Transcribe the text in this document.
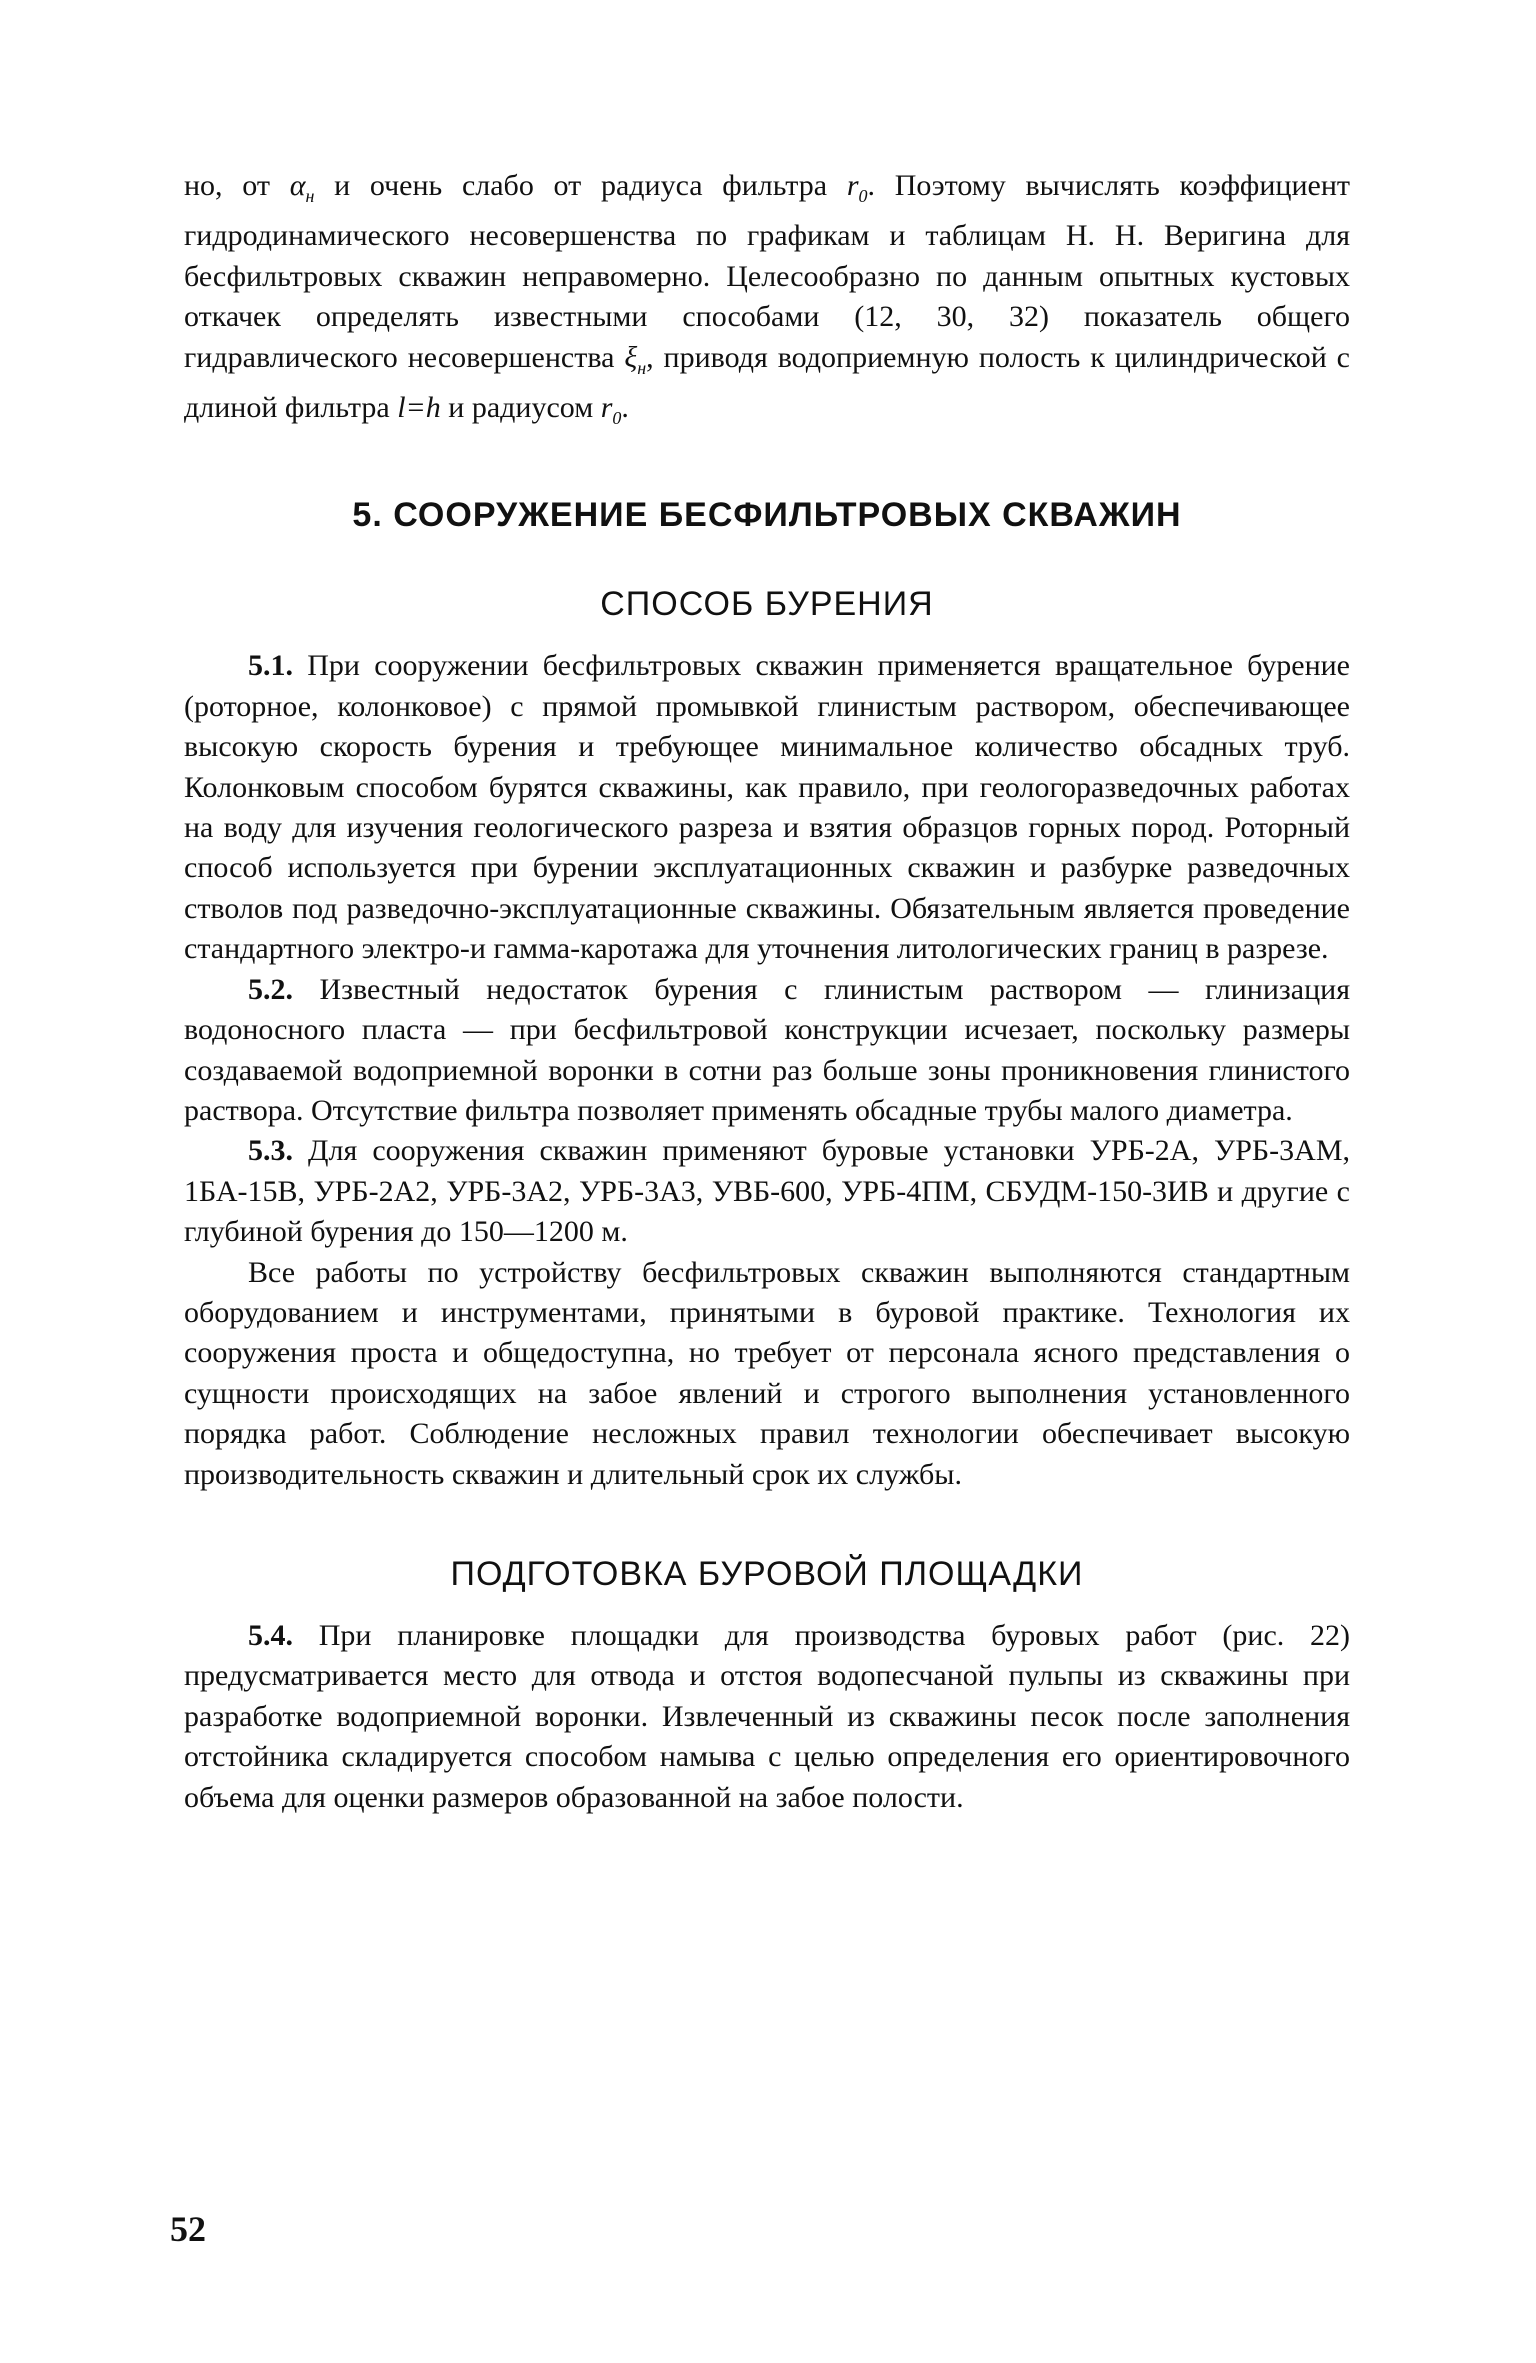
но, от $\alpha_н$ и очень слабо от радиуса фильтра $r_0$. Поэтому вычислять коэффициент гидродинамического несовершенства по графикам и таблицам Н. Н. Веригина для бесфильтровых скважин неправомерно. Целесообразно по данным опытных кустовых откачек определять известными способами (12, 30, 32) показатель общего гидравлического несовершенства $\xi_н$, приводя водоприемную полость к цилиндрической с длиной фильтра l=h и радиусом $r_0$.

5. СООРУЖЕНИЕ БЕСФИЛЬТРОВЫХ СКВАЖИН
СПОСОБ БУРЕНИЯ

5.1. При сооружении бесфильтровых скважин применяется вращательное бурение (роторное, колонковое) с прямой промывкой глинистым раствором, обеспечивающее высокую скорость бурения и требующее минимальное количество обсадных труб. Колонковым способом бурятся скважины, как правило, при геологоразведочных работах на воду для изучения геологического разреза и взятия образцов горных пород. Роторный способ используется при бурении эксплуатационных скважин и разбурке разведочных стволов под разведочно-эксплуатационные скважины. Обязательным является проведение стандартного электро-и гамма-каротажа для уточнения литологических границ в разрезе.

5.2. Известный недостаток бурения с глинистым раствором — глинизация водоносного пласта — при бесфильтровой конструкции исчезает, поскольку размеры создаваемой водоприемной воронки в сотни раз больше зоны проникновения глинистого раствора. Отсутствие фильтра позволяет применять обсадные трубы малого диаметра.

5.3. Для сооружения скважин применяют буровые установки УРБ-2А, УРБ-3АМ, 1БА-15В, УРБ-2А2, УРБ-3А2, УРБ-3А3, УВБ-600, УРБ-4ПМ, СБУДМ-150-3ИВ и другие с глубиной бурения до 150—1200 м.

Все работы по устройству бесфильтровых скважин выполняются стандартным оборудованием и инструментами, принятыми в буровой практике. Технология их сооружения проста и общедоступна, но требует от персонала ясного представления о сущности происходящих на забое явлений и строгого выполнения установленного порядка работ. Соблюдение несложных правил технологии обеспечивает высокую производительность скважин и длительный срок их службы.

ПОДГОТОВКА БУРОВОЙ ПЛОЩАДКИ

5.4. При планировке площадки для производства буровых работ (рис. 22) предусматривается место для отвода и отстоя водопесчаной пульпы из скважины при разработке водоприемной воронки. Извлеченный из скважины песок после заполнения отстойника складируется способом намыва с целью определения его ориентировочного объема для оценки размеров образованной на забое полости.

52
